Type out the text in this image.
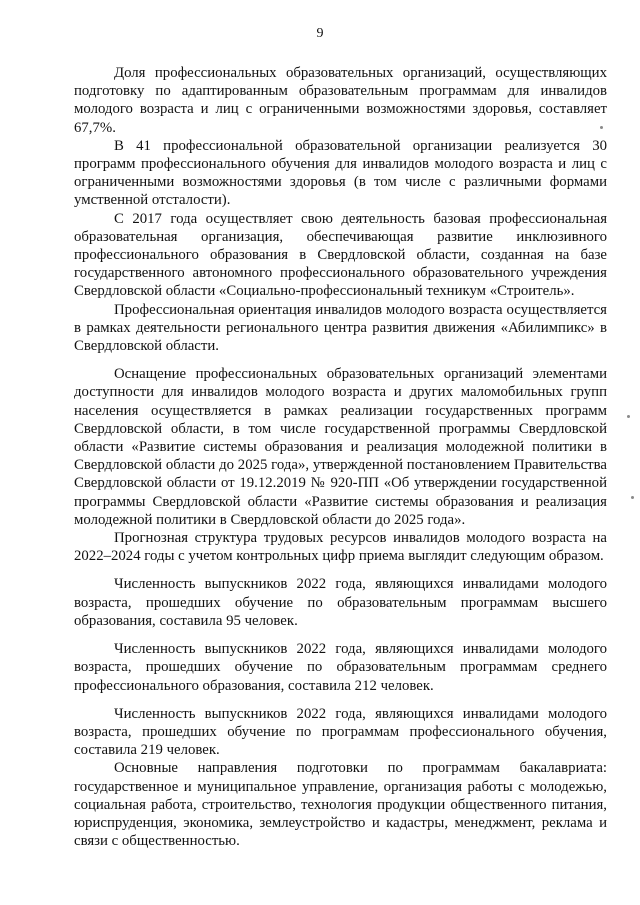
9

Доля профессиональных образовательных организаций, осуществляющих подготовку по адаптированным образовательным программам для инвалидов молодого возраста и лиц с ограниченными возможностями здоровья, составляет 67,7%.

В 41 профессиональной образовательной организации реализуется 30 программ профессионального обучения для инвалидов молодого возраста и лиц с ограниченными возможностями здоровья (в том числе с различными формами умственной отсталости).

С 2017 года осуществляет свою деятельность базовая профессиональная образовательная организация, обеспечивающая развитие инклюзивного профессионального образования в Свердловской области, созданная на базе государственного автономного профессионального образовательного учреждения Свердловской области «Социально-профессиональный техникум «Строитель».

Профессиональная ориентация инвалидов молодого возраста осуществляется в рамках деятельности регионального центра развития движения «Абилимпикс» в Свердловской области.

Оснащение профессиональных образовательных организаций элементами доступности для инвалидов молодого возраста и других маломобильных групп населения осуществляется в рамках реализации государственных программ Свердловской области, в том числе государственной программы Свердловской области «Развитие системы образования и реализация молодежной политики в Свердловской области до 2025 года», утвержденной постановлением Правительства Свердловской области от 19.12.2019 № 920-ПП «Об утверждении государственной программы Свердловской области «Развитие системы образования и реализация молодежной политики в Свердловской области до 2025 года».

Прогнозная структура трудовых ресурсов инвалидов молодого возраста на 2022–2024 годы с учетом контрольных цифр приема выглядит следующим образом.

Численность выпускников 2022 года, являющихся инвалидами молодого возраста, прошедших обучение по образовательным программам высшего образования, составила 95 человек.

Численность выпускников 2022 года, являющихся инвалидами молодого возраста, прошедших обучение по образовательным программам среднего профессионального образования, составила 212 человек.

Численность выпускников 2022 года, являющихся инвалидами молодого возраста, прошедших обучение по программам профессионального обучения, составила 219 человек.

Основные направления подготовки по программам бакалавриата: государственное и муниципальное управление, организация работы с молодежью, социальная работа, строительство, технология продукции общественного питания, юриспруденция, экономика, землеустройство и кадастры, менеджмент, реклама и связи с общественностью.
